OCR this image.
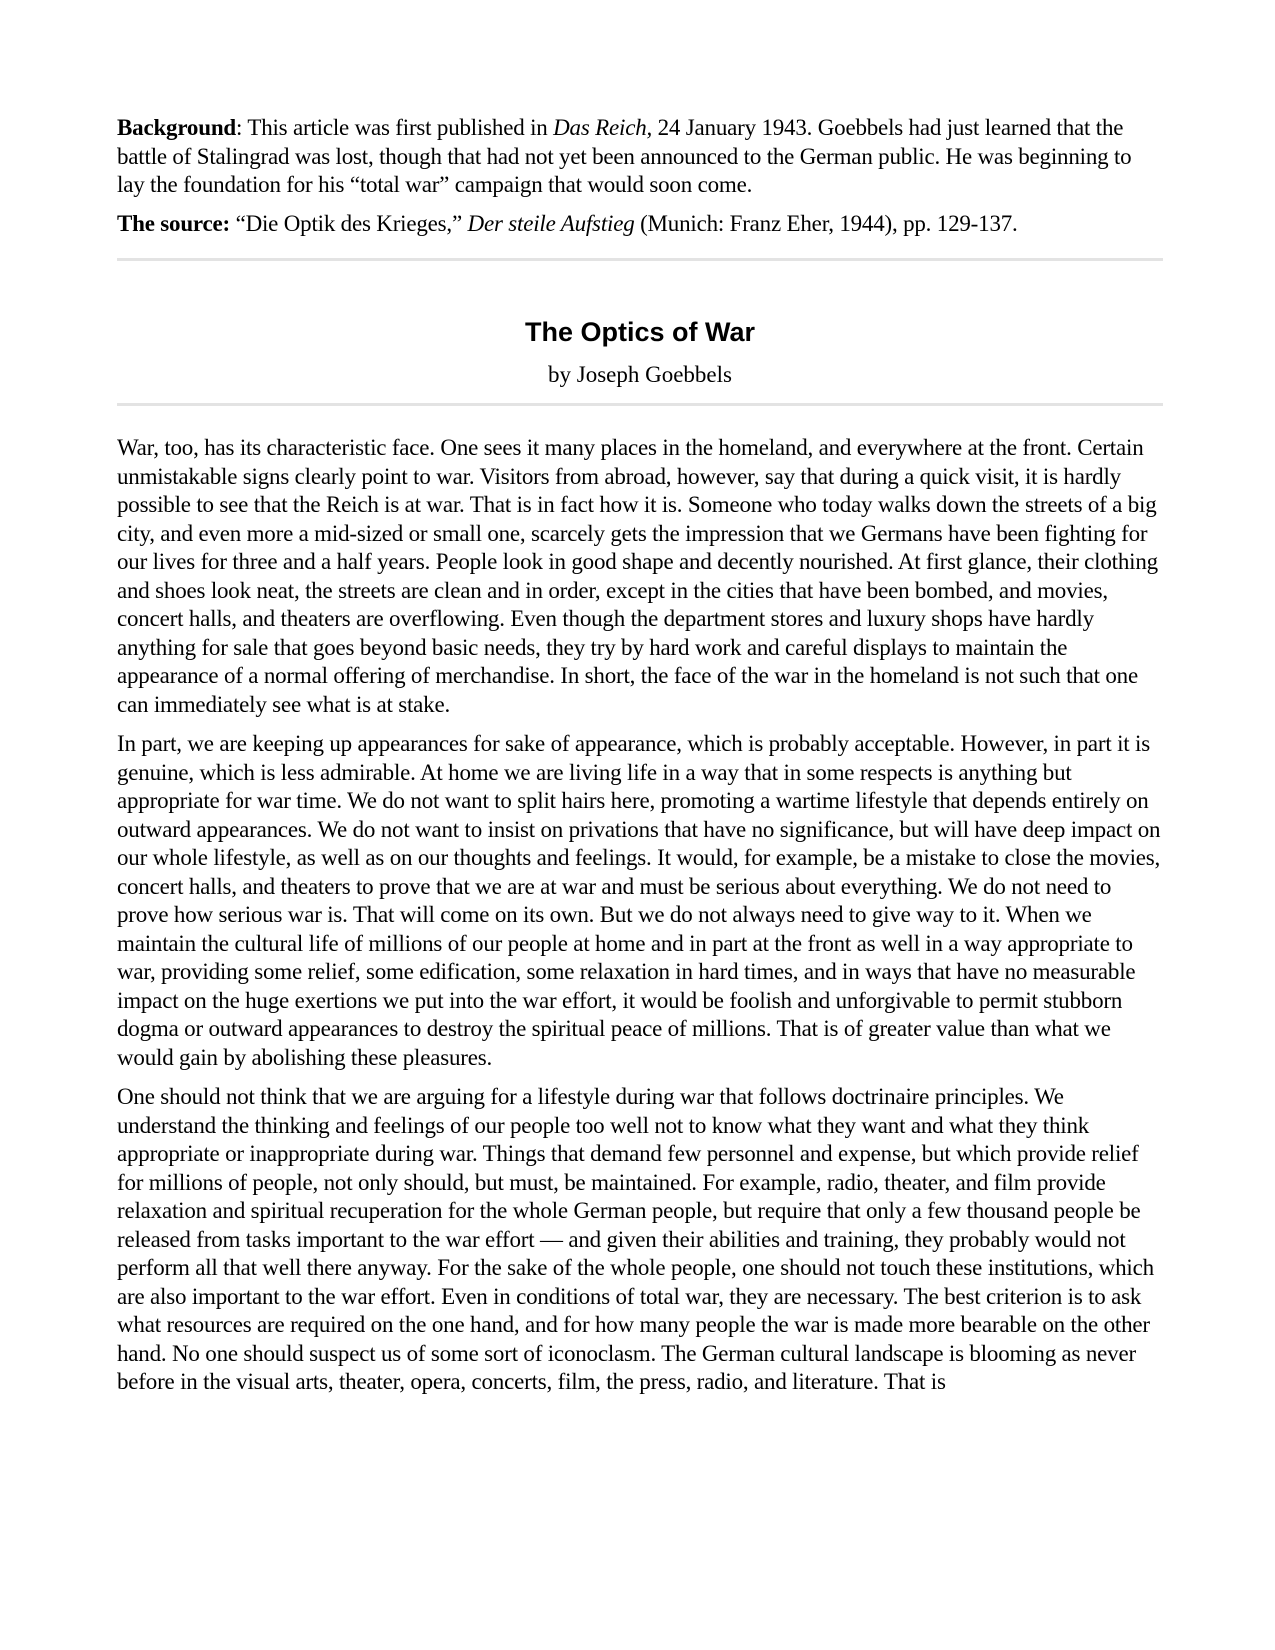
Background: This article was first published in Das Reich, 24 January 1943. Goebbels had just learned that the battle of Stalingrad was lost, though that had not yet been announced to the German public. He was beginning to lay the foundation for his “total war” campaign that would soon come.

The source: “Die Optik des Krieges,” Der steile Aufstieg (Munich: Franz Eher, 1944), pp. 129-137.

The Optics of War

by Joseph Goebbels

War, too, has its characteristic face. One sees it many places in the homeland, and everywhere at the front. Certain unmistakable signs clearly point to war. Visitors from abroad, however, say that during a quick visit, it is hardly possible to see that the Reich is at war. That is in fact how it is. Someone who today walks down the streets of a big city, and even more a mid-sized or small one, scarcely gets the impression that we Germans have been fighting for our lives for three and a half years. People look in good shape and decently nourished. At first glance, their clothing and shoes look neat, the streets are clean and in order, except in the cities that have been bombed, and movies, concert halls, and theaters are overflowing. Even though the department stores and luxury shops have hardly anything for sale that goes beyond basic needs, they try by hard work and careful displays to maintain the appearance of a normal offering of merchandise. In short, the face of the war in the homeland is not such that one can immediately see what is at stake.

In part, we are keeping up appearances for sake of appearance, which is probably acceptable. However, in part it is genuine, which is less admirable. At home we are living life in a way that in some respects is anything but appropriate for war time. We do not want to split hairs here, promoting a wartime lifestyle that depends entirely on outward appearances. We do not want to insist on privations that have no significance, but will have deep impact on our whole lifestyle, as well as on our thoughts and feelings. It would, for example, be a mistake to close the movies, concert halls, and theaters to prove that we are at war and must be serious about everything. We do not need to prove how serious war is. That will come on its own. But we do not always need to give way to it. When we maintain the cultural life of millions of our people at home and in part at the front as well in a way appropriate to war, providing some relief, some edification, some relaxation in hard times, and in ways that have no measurable impact on the huge exertions we put into the war effort, it would be foolish and unforgivable to permit stubborn dogma or outward appearances to destroy the spiritual peace of millions. That is of greater value than what we would gain by abolishing these pleasures.

One should not think that we are arguing for a lifestyle during war that follows doctrinaire principles. We understand the thinking and feelings of our people too well not to know what they want and what they think appropriate or inappropriate during war. Things that demand few personnel and expense, but which provide relief for millions of people, not only should, but must, be maintained. For example, radio, theater, and film provide relaxation and spiritual recuperation for the whole German people, but require that only a few thousand people be released from tasks important to the war effort — and given their abilities and training, they probably would not perform all that well there anyway. For the sake of the whole people, one should not touch these institutions, which are also important to the war effort. Even in conditions of total war, they are necessary. The best criterion is to ask what resources are required on the one hand, and for how many people the war is made more bearable on the other hand. No one should suspect us of some sort of iconoclasm. The German cultural landscape is blooming as never before in the visual arts, theater, opera, concerts, film, the press, radio, and literature. That is
